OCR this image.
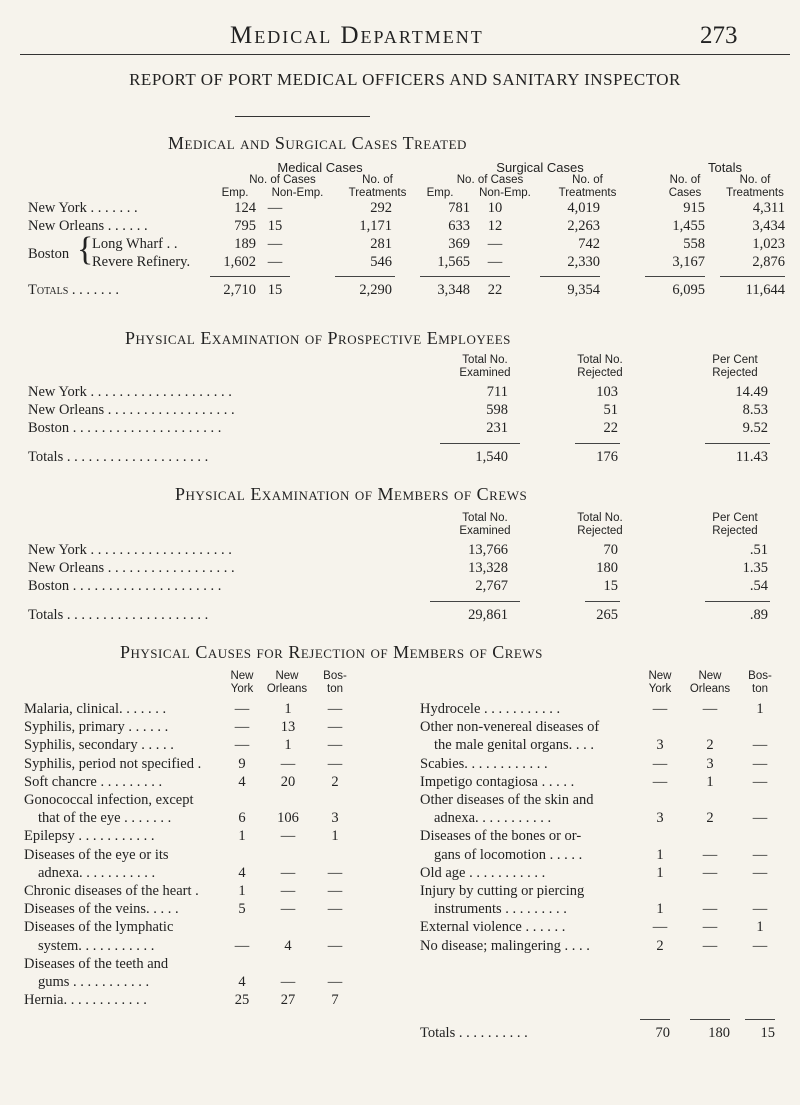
Medical Department	273
REPORT OF PORT MEDICAL OFFICERS AND SANITARY INSPECTOR
Medical and Surgical Cases Treated
Medical Cases	Surgical Cases	Totals
No. of Cases
Emp.	Non-Emp.
No. of
Treatments
No. of Cases
Emp.	Non-Emp.
No. of
Treatments
No. of
Cases
No. of
Treatments
New York . . . . . . .	124 —	292	781	10	4,019	915	4,311
New Orleans . . . . . .	795 15	1,171	633	12	2,263	1,455	3,434
Boston {
Long Wharf . .	189 —	281	369	—	742	558	1,023
Revere Refinery.	1,602 —	546	1,565	—	2,330	3,167	2,876
Totals . . . . . . .	2,710 15	2,290	3,348	22	9,354	6,095	11,644
Physical Examination of Prospective Employees
Total No.
Examined
Total No.
Rejected
Per Cent
Rejected
New York . . . . . . . . . . . . . . . . . . . .	711	103	14.49
New Orleans . . . . . . . . . . . . . . . . . .	598	51	8.53
Boston . . . . . . . . . . . . . . . . . . . . .	231	22	9.52
Totals . . . . . . . . . . . . . . . . . . . .	1,540	176	11.43
Physical Examination of Members of Crews
Total No.
Examined
Total No.
Rejected
Per Cent
Rejected
New York . . . . . . . . . . . . . . . . . . . .	13,766	70	.51
New Orleans . . . . . . . . . . . . . . . . . .	13,328	180	1.35
Boston . . . . . . . . . . . . . . . . . . . . .	2,767	15	.54
Totals . . . . . . . . . . . . . . . . . . . .	29,861	265	.89
Physical Causes for Rejection of Members of Crews
New
York
New
Orleans
Bos-
ton
New
York
New
Orleans
Bos-
ton
Malaria, clinical. . . . . . .	—	1	—
Syphilis, primary . . . . . .	—	13	—
Syphilis, secondary . . . . .	—	1	—
Syphilis, period not specified .	9	—	—
Soft chancre . . . . . . . . .	4	20	2
Gonococcal infection, except
that of the eye . . . . . . .	6	106	3
Epilepsy . . . . . . . . . . .	1	—	1
Diseases of the eye or its
adnexa. . . . . . . . . . .	4	—	—
Chronic diseases of the heart .	1	—	—
Diseases of the veins. . . . .	5	—	—
Diseases of the lymphatic
system. . . . . . . . . . .	—	4	—
Diseases of the teeth and
gums . . . . . . . . . . .	4	—	—
Hernia. . . . . . . . . . . .	25	27	7
Hydrocele . . . . . . . . . . .	—	—	1
Other non-venereal diseases of
the male genital organs. . . .	3	2	—
Scabies. . . . . . . . . . . .	—	3	—
Impetigo contagiosa . . . . .	—	1	—
Other diseases of the skin and
adnexa. . . . . . . . . . .	3	2	—
Diseases of the bones or or-
gans of locomotion . . . . .	1	—	—
Old age . . . . . . . . . . .	1	—	—
Injury by cutting or piercing
instruments . . . . . . . . .	1	—	—
External violence . . . . . .	—	—	1
No disease; malingering . . . .	2	—	—
Totals . . . . . . . . . .	70	180	15
